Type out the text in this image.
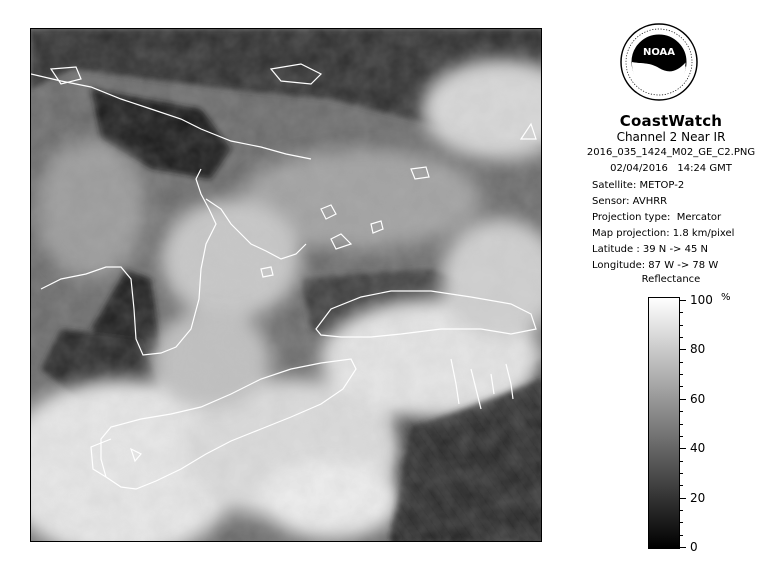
NOAA
CoastWatch
Channel 2 Near IR
2016_035_1424_M02_GE_C2.PNG
02/04/2016   14:24 GMT
Satellite: METOP-2
Sensor: AVHRR
Projection type:  Mercator
Map projection: 1.8 km/pixel
Latitude : 39 N -> 45 N
Longitude: 87 W -> 78 W
Reflectance
%
100
80
60
40
20
0
